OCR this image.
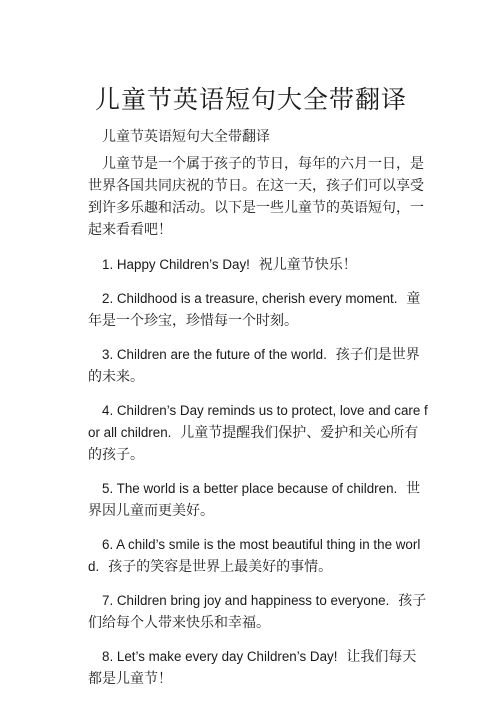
儿童节英语短句大全带翻译

儿童节英语短句大全带翻译

儿童节是一个属于孩子的节日，每年的六月一日，是世界各国共同庆祝的节日。在这一天，孩子们可以享受到许多乐趣和活动。以下是一些儿童节的英语短句，一起来看看吧！

1. Happy Children’s Day! 祝儿童节快乐！

2. Childhood is a treasure, cherish every moment. 童年是一个珍宝，珍惜每一个时刻。

3. Children are the future of the world. 孩子们是世界的未来。

4. Children’s Day reminds us to protect, love and care for all children. 儿童节提醒我们保护、爱护和关心所有的孩子。

5. The world is a better place because of children. 世界因儿童而更美好。

6. A child’s smile is the most beautiful thing in the world. 孩子的笑容是世界上最美好的事情。

7. Children bring joy and happiness to everyone. 孩子们给每个人带来快乐和幸福。

8. Let’s make every day Children’s Day! 让我们每天都是儿童节！
